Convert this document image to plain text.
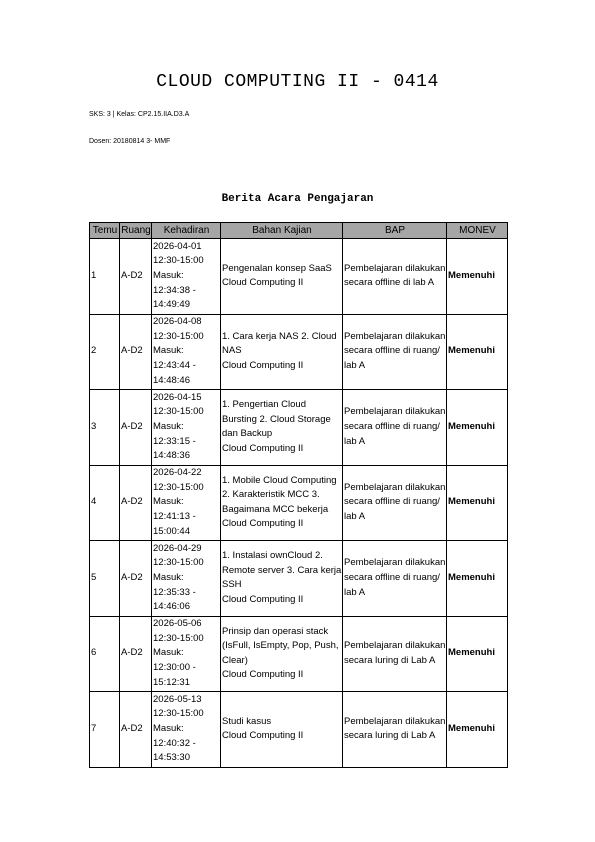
CLOUD COMPUTING II - 0414
SKS: 3 | Kelas: CP2.15.IIA.D3.A
Dosen: 20180814 3- MMF
Berita Acara Pengajaran
Temu	Ruang	Kehadiran	Bahan Kajian	BAP	MONEV
1	A-D2	2026-04-01
12:30-15:00
Masuk:
12:34:38 -
14:49:49	Pengenalan konsep SaaS
Cloud Computing II	Pembelajaran dilakukan secara offline di lab A	Memenuhi
2	A-D2	2026-04-08
12:30-15:00
Masuk:
12:43:44 -
14:48:46	1. Cara kerja NAS 2. Cloud NAS
Cloud Computing II	Pembelajaran dilakukan secara offline di ruang/ lab A	Memenuhi
3	A-D2	2026-04-15
12:30-15:00
Masuk:
12:33:15 -
14:48:36	1. Pengertian Cloud Bursting 2. Cloud Storage dan Backup
Cloud Computing II	Pembelajaran dilakukan secara offline di ruang/ lab A	Memenuhi
4	A-D2	2026-04-22
12:30-15:00
Masuk:
12:41:13 -
15:00:44	1. Mobile Cloud Computing 2. Karakteristik MCC 3. Bagaimana MCC bekerja
Cloud Computing II	Pembelajaran dilakukan secara offline di ruang/ lab A	Memenuhi
5	A-D2	2026-04-29
12:30-15:00
Masuk:
12:35:33 -
14:46:06	1. Instalasi ownCloud 2. Remote server 3. Cara kerja SSH
Cloud Computing II	Pembelajaran dilakukan secara offline di ruang/ lab A	Memenuhi
6	A-D2	2026-05-06
12:30-15:00
Masuk:
12:30:00 -
15:12:31	Prinsip dan operasi stack (IsFull, IsEmpty, Pop, Push, Clear)
Cloud Computing II	Pembelajaran dilakukan secara luring di Lab A	Memenuhi
7	A-D2	2026-05-13
12:30-15:00
Masuk:
12:40:32 -
14:53:30	Studi kasus
Cloud Computing II	Pembelajaran dilakukan secara luring di Lab A	Memenuhi
